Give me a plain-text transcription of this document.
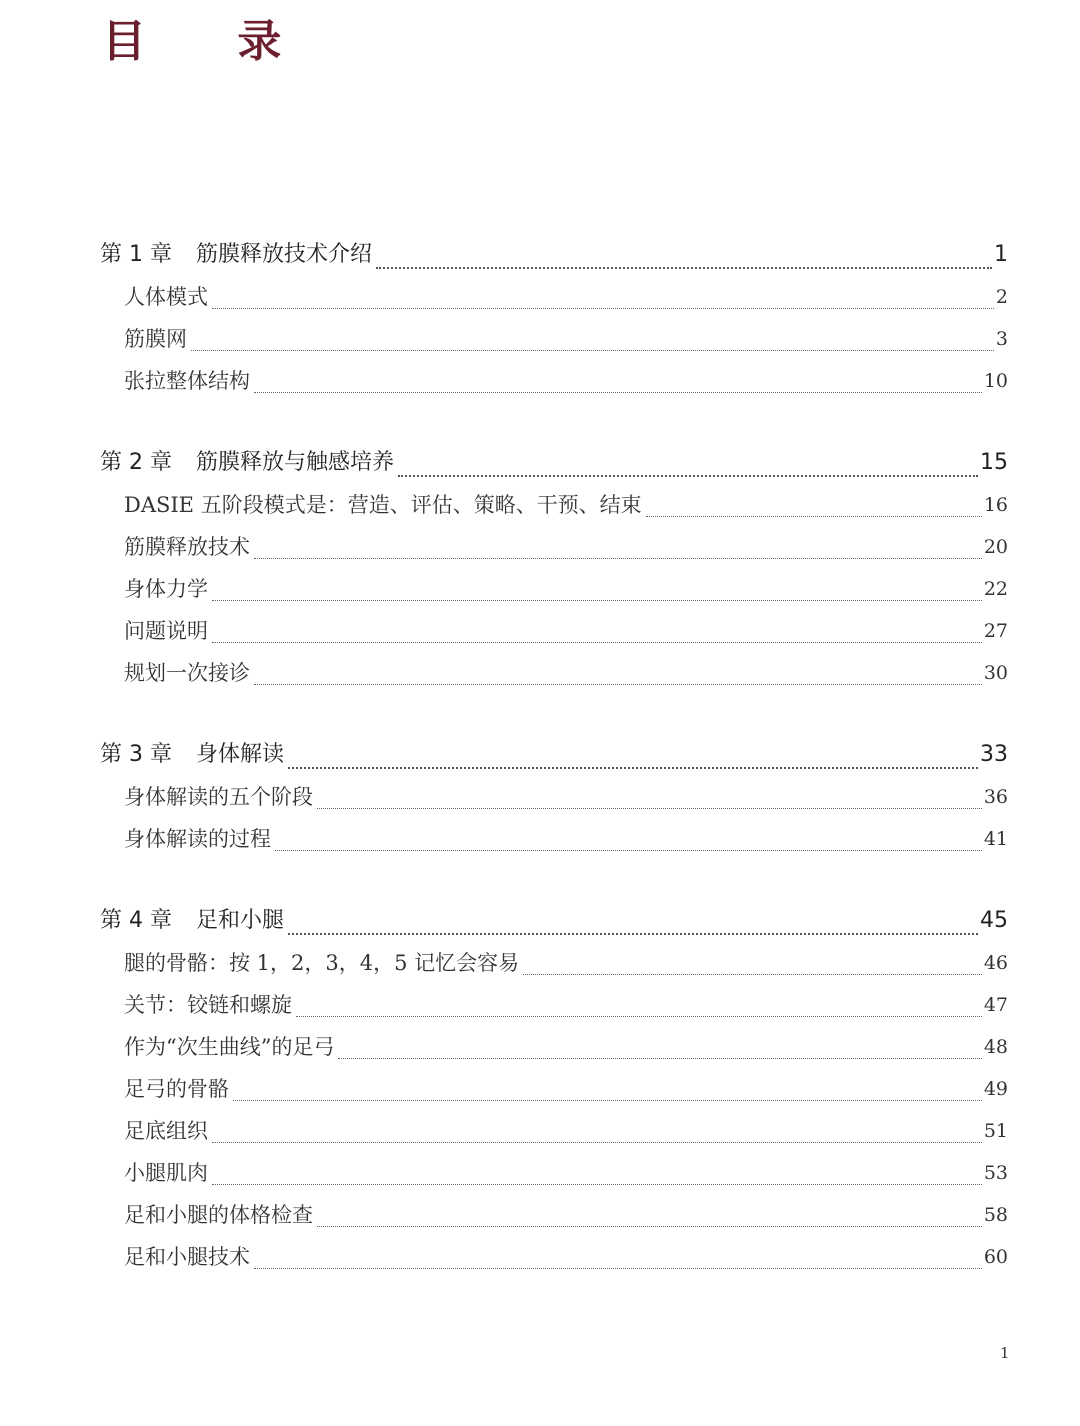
目 录
第 1 章 筋膜释放技术介绍	1
人体模式	2
筋膜网	3
张拉整体结构	10
第 2 章 筋膜释放与触感培养	15
DASIE 五阶段模式是：营造、评估、策略、干预、结束	16
筋膜释放技术	20
身体力学	22
问题说明	27
规划一次接诊	30
第 3 章 身体解读	33
身体解读的五个阶段	36
身体解读的过程	41
第 4 章 足和小腿	45
腿的骨骼：按 1，2，3，4，5 记忆会容易	46
关节：铰链和螺旋	47
作为“次生曲线”的足弓	48
足弓的骨骼	49
足底组织	51
小腿肌肉	53
足和小腿的体格检查	58
足和小腿技术	60
1
